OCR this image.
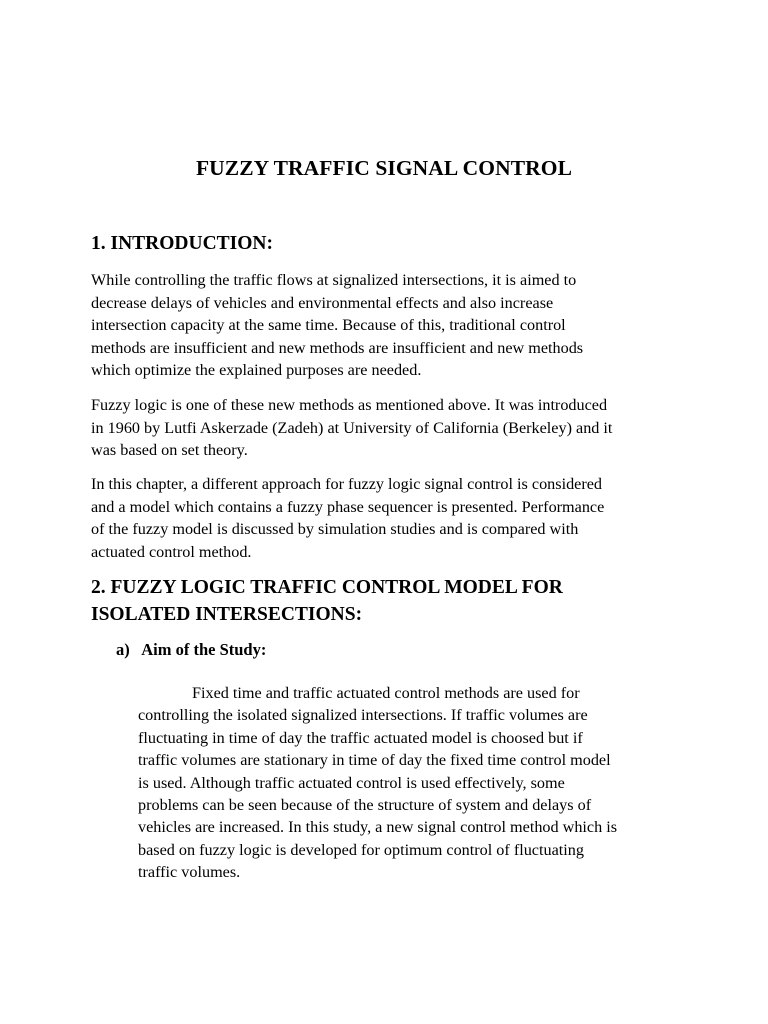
FUZZY TRAFFIC SIGNAL CONTROL
1. INTRODUCTION:
While controlling the traffic flows at signalized intersections, it is aimed to
decrease delays of vehicles and environmental effects and also increase
intersection capacity at the same time. Because of this, traditional control
methods are insufficient and new methods are insufficient and new methods
which optimize the explained purposes are needed.
Fuzzy logic is one of these new methods as mentioned above. It was introduced
in 1960 by Lutfi Askerzade (Zadeh) at University of California (Berkeley) and it
was based on set theory.
In this chapter, a different approach for fuzzy logic signal control is considered
and a model which contains a fuzzy phase sequencer is presented. Performance
of the fuzzy model is discussed by simulation studies and is compared with
actuated control method.
2. FUZZY LOGIC TRAFFIC CONTROL MODEL FOR
ISOLATED INTERSECTIONS:
a) Aim of the Study:
Fixed time and traffic actuated control methods are used for
controlling the isolated signalized intersections. If traffic volumes are
fluctuating in time of day the traffic actuated model is choosed but if
traffic volumes are stationary in time of day the fixed time control model
is used. Although traffic actuated control is used effectively, some
problems can be seen because of the structure of system and delays of
vehicles are increased. In this study, a new signal control method which is
based on fuzzy logic is developed for optimum control of fluctuating
traffic volumes.
